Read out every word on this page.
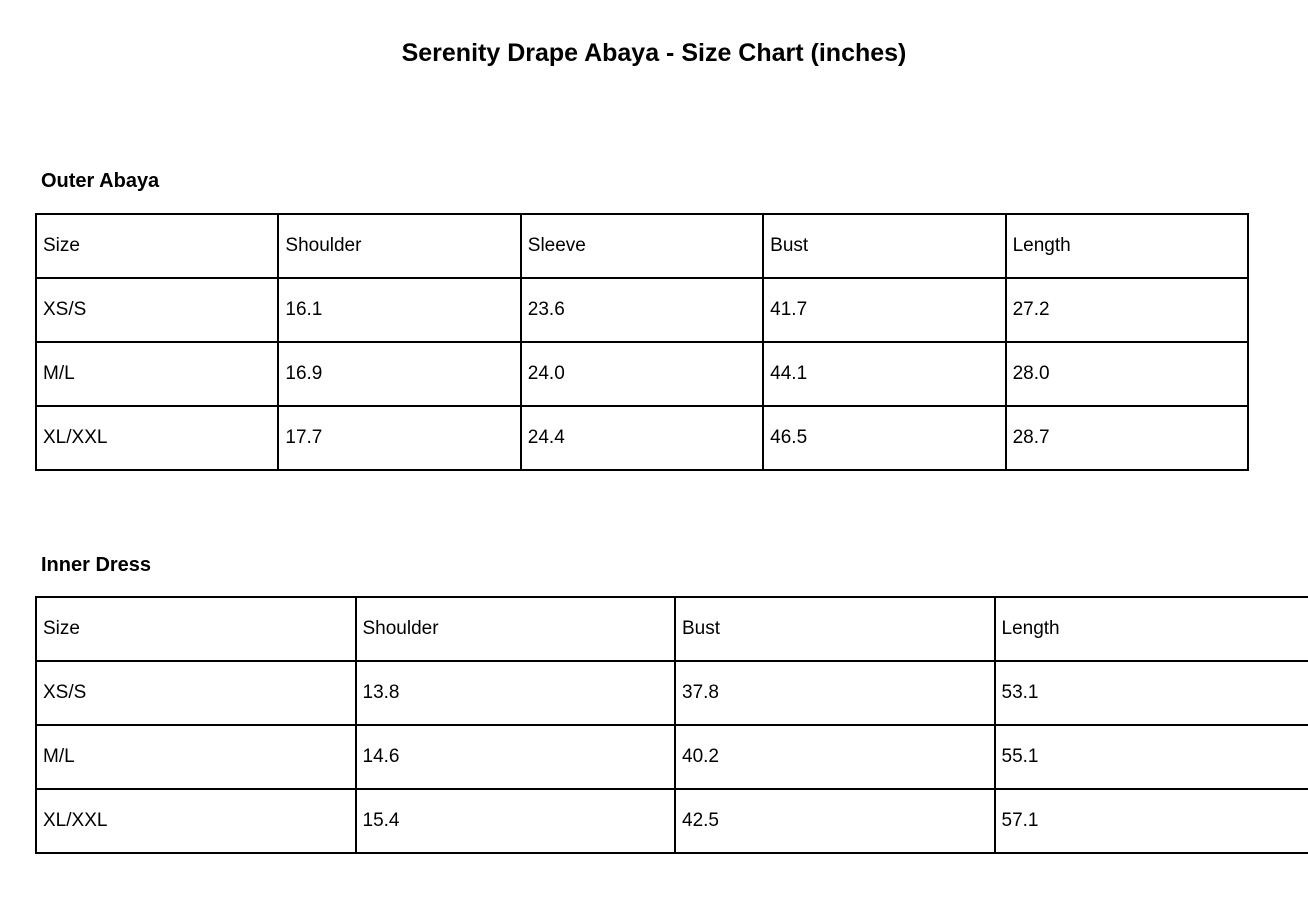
Serenity Drape Abaya - Size Chart (inches)
Outer Abaya
Size	Shoulder	Sleeve	Bust	Length
XS/S	16.1	23.6	41.7	27.2
M/L	16.9	24.0	44.1	28.0
XL/XXL	17.7	24.4	46.5	28.7
Inner Dress
Size	Shoulder	Bust	Length
XS/S	13.8	37.8	53.1
M/L	14.6	40.2	55.1
XL/XXL	15.4	42.5	57.1
